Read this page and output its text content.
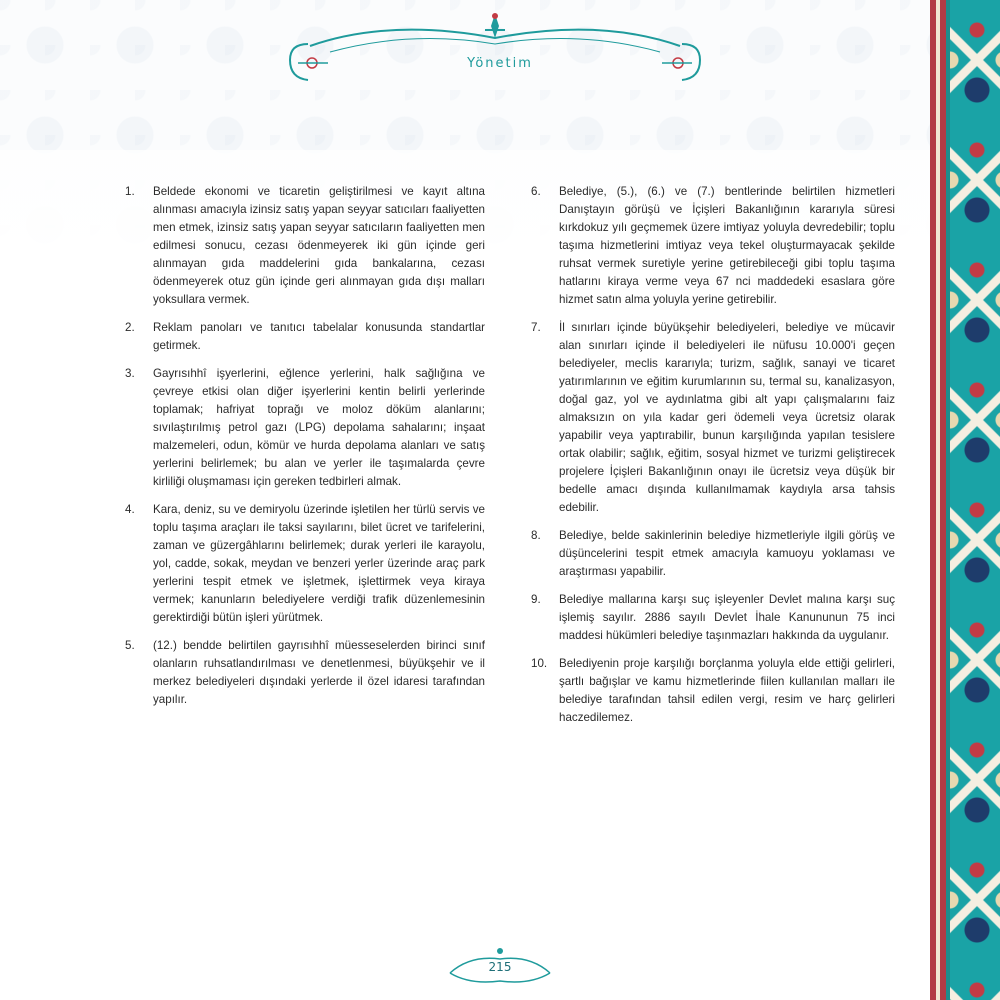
Yönetim
1.	Beldede ekonomi ve ticaretin geliştirilmesi ve kayıt altına alınması amacıyla izinsiz satış yapan seyyar satıcıları faaliyetten men etmek, izinsiz satış yapan seyyar satıcıların faaliyetten men edilmesi sonucu, cezası ödenmeyerek iki gün içinde geri alınmayan gıda maddelerini gıda bankalarına, cezası ödenmeyerek otuz gün içinde geri alınmayan gıda dışı malları yoksullara vermek.
2.	Reklam panoları ve tanıtıcı tabelalar konusunda standartlar getirmek.
3.	Gayrısıhhî işyerlerini, eğlence yerlerini, halk sağlığına ve çevreye etkisi olan diğer işyerlerini kentin belirli yerlerinde toplamak; hafriyat toprağı ve moloz döküm alanlarını; sıvılaştırılmış petrol gazı (LPG) depolama sahalarını; inşaat malzemeleri, odun, kömür ve hurda depolama alanları ve satış yerlerini belirlemek; bu alan ve yerler ile taşımalarda çevre kirliliği oluşmaması için gereken tedbirleri almak.
4.	Kara, deniz, su ve demiryolu üzerinde işletilen her türlü servis ve toplu taşıma araçları ile taksi sayılarını, bilet ücret ve tarifelerini, zaman ve güzergâhlarını belirlemek; durak yerleri ile karayolu, yol, cadde, sokak, meydan ve benzeri yerler üzerinde araç park yerlerini tespit etmek ve işletmek, işlettirmek veya kiraya vermek; kanunların belediyelere verdiği trafik düzenlemesinin gerektirdiği bütün işleri yürütmek.
5.	(12.) bendde belirtilen gayrısıhhî müesseselerden birinci sınıf olanların ruhsatlandırılması ve denetlenmesi, büyükşehir ve il merkez belediyeleri dışındaki yerlerde il özel idaresi tarafından yapılır.
6.	Belediye, (5.), (6.) ve (7.) bentlerinde belirtilen hizmetleri Danıştayın görüşü ve İçişleri Bakanlığının kararıyla süresi kırkdokuz yılı geçmemek üzere imtiyaz yoluyla devredebilir; toplu taşıma hizmetlerini imtiyaz veya tekel oluşturmayacak şekilde ruhsat vermek suretiyle yerine getirebileceği gibi toplu taşıma hatlarını kiraya verme veya 67 nci maddedeki esaslara göre hizmet satın alma yoluyla yerine getirebilir.
7.	İl sınırları içinde büyükşehir belediyeleri, belediye ve mücavir alan sınırları içinde il belediyeleri ile nüfusu 10.000'i geçen belediyeler, meclis kararıyla; turizm, sağlık, sanayi ve ticaret yatırımlarının ve eğitim kurumlarının su, termal su, kanalizasyon, doğal gaz, yol ve aydınlatma gibi alt yapı çalışmalarını faiz almaksızın on yıla kadar geri ödemeli veya ücretsiz olarak yapabilir veya yaptırabilir, bunun karşılığında yapılan tesislere ortak olabilir; sağlık, eğitim, sosyal hizmet ve turizmi geliştirecek projelere İçişleri Bakanlığının onayı ile ücretsiz veya düşük bir bedelle amacı dışında kullanılmamak kaydıyla arsa tahsis edebilir.
8.	Belediye, belde sakinlerinin belediye hizmetleriyle ilgili görüş ve düşüncelerini tespit etmek amacıyla kamuoyu yoklaması ve araştırması yapabilir.
9.	Belediye mallarına karşı suç işleyenler Devlet malına karşı suç işlemiş sayılır. 2886 sayılı Devlet İhale Kanununun 75 inci maddesi hükümleri belediye taşınmazları hakkında da uygulanır.
10.	Belediyenin proje karşılığı borçlanma yoluyla elde ettiği gelirleri, şartlı bağışlar ve kamu hizmetlerinde fiilen kullanılan malları ile belediye tarafından tahsil edilen vergi, resim ve harç gelirleri haczedilemez.
215
